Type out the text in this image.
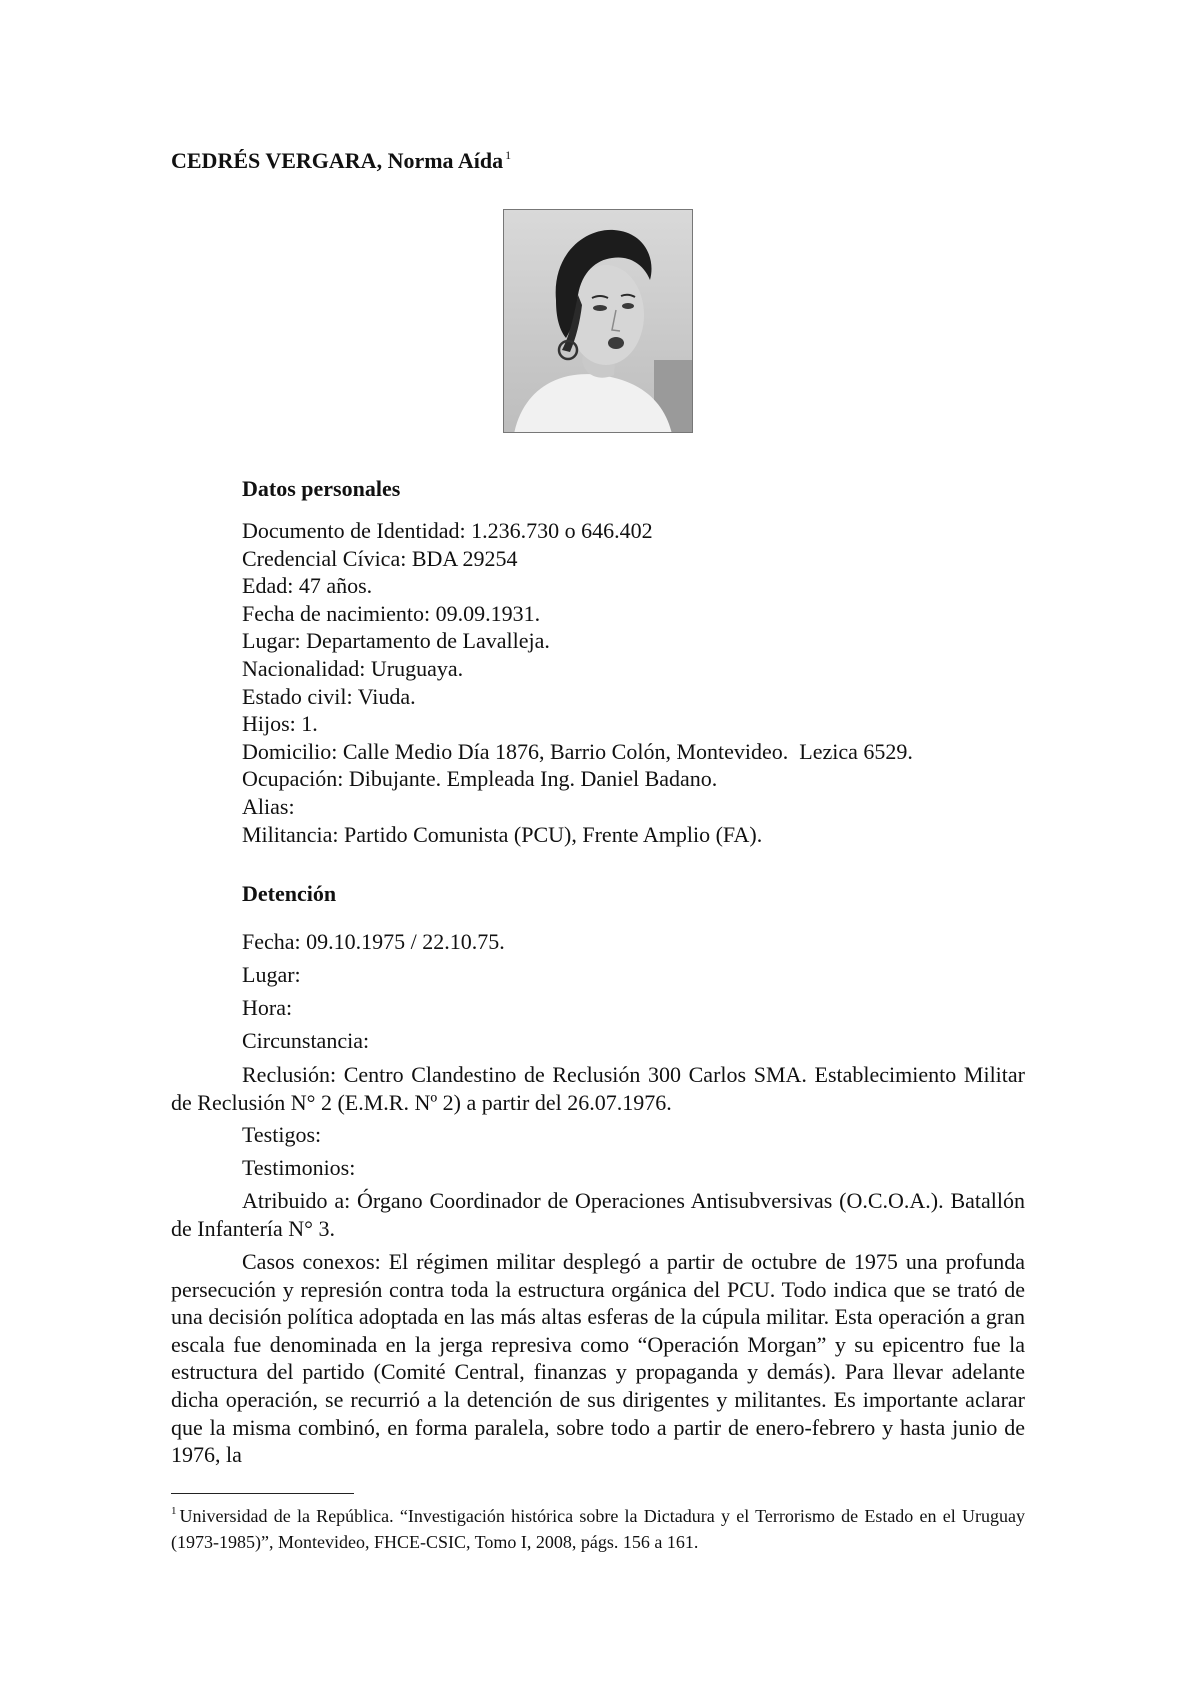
CEDRÉS VERGARA, Norma Aída $^1$
Datos personales
Documento de Identidad: 1.236.730 o 646.402
Credencial Cívica: BDA 29254
Edad: 47 años.
Fecha de nacimiento: 09.09.1931.
Lugar: Departamento de Lavalleja.
Nacionalidad: Uruguaya.
Estado civil: Viuda.
Hijos: 1.
Domicilio: Calle Medio Día 1876, Barrio Colón, Montevideo.  Lezica 6529.
Ocupación: Dibujante. Empleada Ing. Daniel Badano.
Alias:
Militancia: Partido Comunista (PCU), Frente Amplio (FA).
Detención

Fecha: 09.10.1975 / 22.10.75.

Lugar:

Hora:

Circunstancia:

Reclusión: Centro Clandestino de Reclusión 300 Carlos SMA. Establecimiento Militar de Reclusión N° 2 (E.M.R. Nº 2) a partir del 26.07.1976.

Testigos:

Testimonios:

Atribuido a: Órgano Coordinador de Operaciones Antisubversivas (O.C.O.A.). Batallón de Infantería N° 3.

Casos conexos: El régimen militar desplegó a partir de octubre de 1975 una profunda persecución y represión contra toda la estructura orgánica del PCU. Todo indica que se trató de una decisión política adoptada en las más altas esferas de la cúpula militar. Esta operación a gran escala fue denominada en la jerga represiva como “Operación Morgan” y su epicentro fue la estructura del partido (Comité Central, finanzas y propaganda y demás). Para llevar adelante dicha operación, se recurrió a la detención de sus dirigentes y militantes. Es importante aclarar que la misma combinó, en forma paralela, sobre todo a partir de enero-febrero y hasta junio de 1976, la

$^1$ Universidad de la República. “Investigación histórica sobre la Dictadura y el Terrorismo de Estado en el Uruguay (1973-1985)”, Montevideo, FHCE-CSIC, Tomo I, 2008, págs. 156 a 161.
